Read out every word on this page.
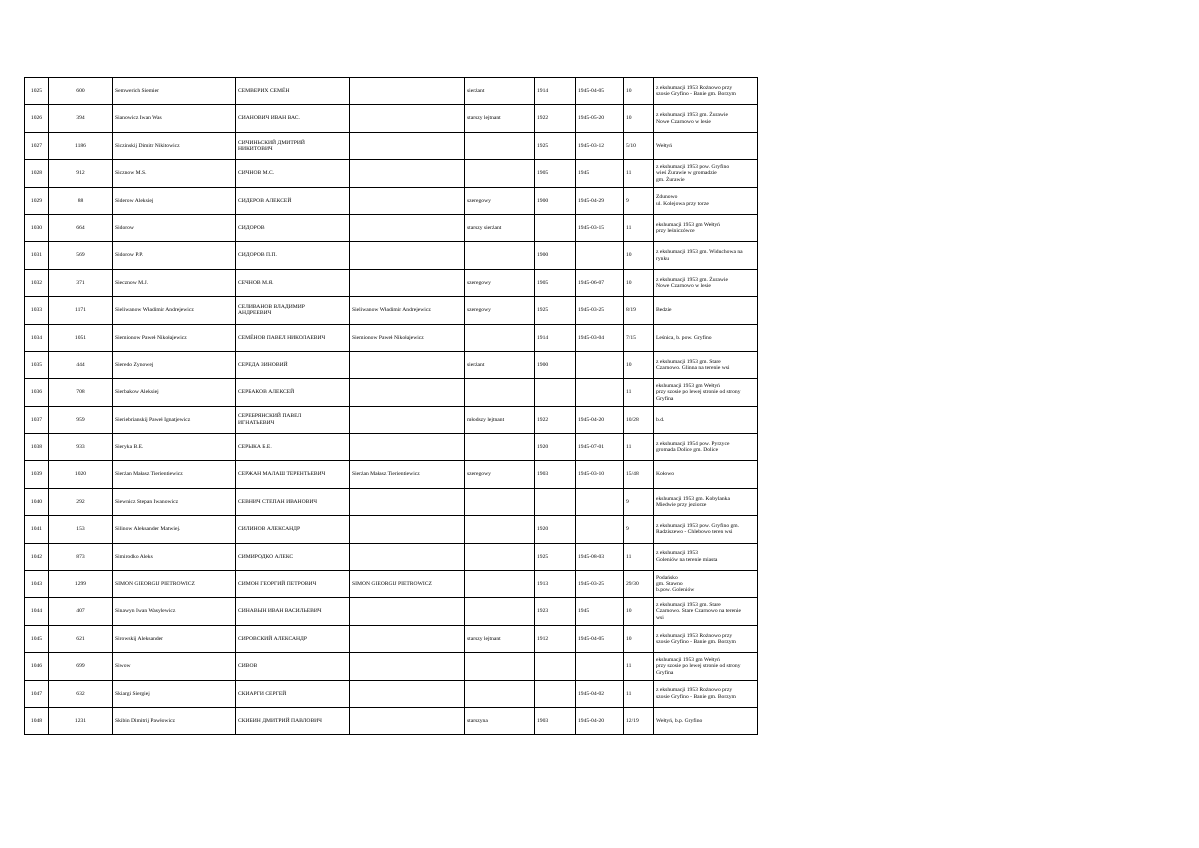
1025	600	Semwerich Siemier	СЕМВЕРИХ СЕМЁН		sierżant	1914	1945-04-05	10	z ekshumacji 1953 Rożnowo przy
szosie Gryfino - Banie gm. Borzym
1026	394	Sianowicz Iwan Was	СИАНОВИЧ ИВАН ВАС.		starszy lejtnant	1922	1945-05-20	10	z ekshumacji 1953 gm. Żurawie
Nowe Czarnowo w lesie
1027	1186	Siczinskij Dimitr Nikitowicz	СИЧИНЬСКИЙ ДМИТРИЙ
НИКИТОВИЧ			1925	1945-03-12	5/10	Wełtyń
1028	912	Sicznow M.S.	СИЧНОВ М.С.			1905	1945	11	z ekshumacji 1953 pow. Gryfino
wieś Żurawie w gromadzie
gm. Żurawie
1029	88	Siderow Aleksiej	СИДЕРОВ АЛЕКСЕЙ		szeregowy	1900	1945-04-29	9	Zdunowo
ul. Kolejowa przy torze
1030	664	Sidorow	СИДОРОВ		starszy sierżant		1945-03-15	11	ekshumacji 1953 gm Wełtyń
przy leśniczówce
1031	569	Sidorow P.P.	СИДОРОВ П.П.			1900		10	z ekshumacji 1953 gm. Widuchowa na
rynku
1032	371	Siecznow M.J.	СЕЧНОВ М.Я.		szeregowy	1905	1945-06-07	10	z ekshumacji 1953 gm. Żurawie
Nowe Czarnowo w lesie
1033	1171	Sieliwanow Władimir Andrejewicz	СЕЛИВАНОВ ВЛАДИМИР
АНДРЕЕВИЧ	Sieliwanow Władimir Andrejewicz	szeregowy	1925	1945-03-25	8/19	Bedzie
1034	1051	Siemionow Paweł Nikołajewicz	СЕМЁНОВ ПАВЕЛ НИКОЛАЕВИЧ	Siemionow Paweł Nikołajewicz		1914	1945-03-04	7/15	Leśnica, b. pow. Gryfino
1035	444	Sieredo Zynowej	СЕРЕДА ЗИНОВИЙ		sierżant	1900		10	z ekshumacji 1953 gm. Stare
Czarnowo. Glinna na terenie wsi
1036	708	Sierbakow Aleksiej	СЕРБАКОВ АЛЕКСЕЙ					11	ekshumacji 1953 gm Wełtyń
przy szosie po lewej stronie od strony
Gryfina
1037	959	Sieriebrianskij Paweł Ignatjewicz	СЕРЕБРЯНСКИЙ ПАВЕЛ
ИГНАТЬЕВИЧ		młodszy lejtnant	1922	1945-04-20	10/28	b.d.
1038	933	Sieryka B.E.	СЕРЫКА Б.Е.			1920	1945-07-01	11	z ekshumacji 1954 pow. Pyrzyce
gromada Dolice gm. Dolice
1039	1020	Sierżan Małasz Tierientiewicz	СЕРЖАН МАЛАШ ТЕРЕНТЬЕВИЧ	Sierżan Małasz Tierientiewicz	szeregowy	1903	1945-03-10	15/48	Kołowo
1040	292	Siewnicz Stepan Iwanowicz	СЕВНИЧ СТЕПАН ИВАНОВИЧ					9	ekshumacji 1953 gm. Kobylanka
Miedwie przy jeziorze
1041	153	Silinow Aleksander Matwiej.	СИЛИНОВ АЛЕКСАНДР			1920		9	z ekshumacji 1953 pow. Gryfino gm.
Radziszewo - Chlebowo teren wsi
1042	873	Simirodko Aleks	СИМИРОДКО АЛЕКС			1925	1945-08-03	11	z ekshumacji 1953
Goleniów na terenie miasta
1043	1299	SIMON GIEORGIJ PIETROWICZ	СИМОН ГЕОРГИЙ ПЕТРОВИЧ	SIMON GIEORGIJ PIETROWICZ		1913	1945-03-25	29/30	Podańsko
gm. Stawno
b.pow. Goleniów
1044	407	Sinawyn Iwan Wasylewicz	СИНАВЫН ИВАН ВАСИЛЬЕВИЧ			1923	1945	10	z ekshumacji 1953 gm. Stare
Czarnowo. Stare Czarnowo na terenie
wsi
1045	621	Sirowskij Aleksander	СИРОВСКИЙ АЛЕКСАНДР		starszy lejtnant	1912	1945-04-05	10	z ekshumacji 1953 Rożnowo przy
szosie Gryfino - Banie gm. Borzym
1046	699	Siwow	СИВОВ					11	ekshumacji 1953 gm Wełtyń
przy szosie po lewej stronie od strony
Gryfina
1047	632	Skiargi Siergiej	СКИАРГИ СЕРГЕЙ				1945-04-02	11	z ekshumacji 1953 Rożnowo przy
szosie Gryfino - Banie gm. Borzym
1048	1231	Skibin Dimitrij Pawłowicz	СКИБИН ДМИТРИЙ ПАВЛОВИЧ		starszyna	1903	1945-04-20	12/19	Wełtyń, b.p. Gryfino
